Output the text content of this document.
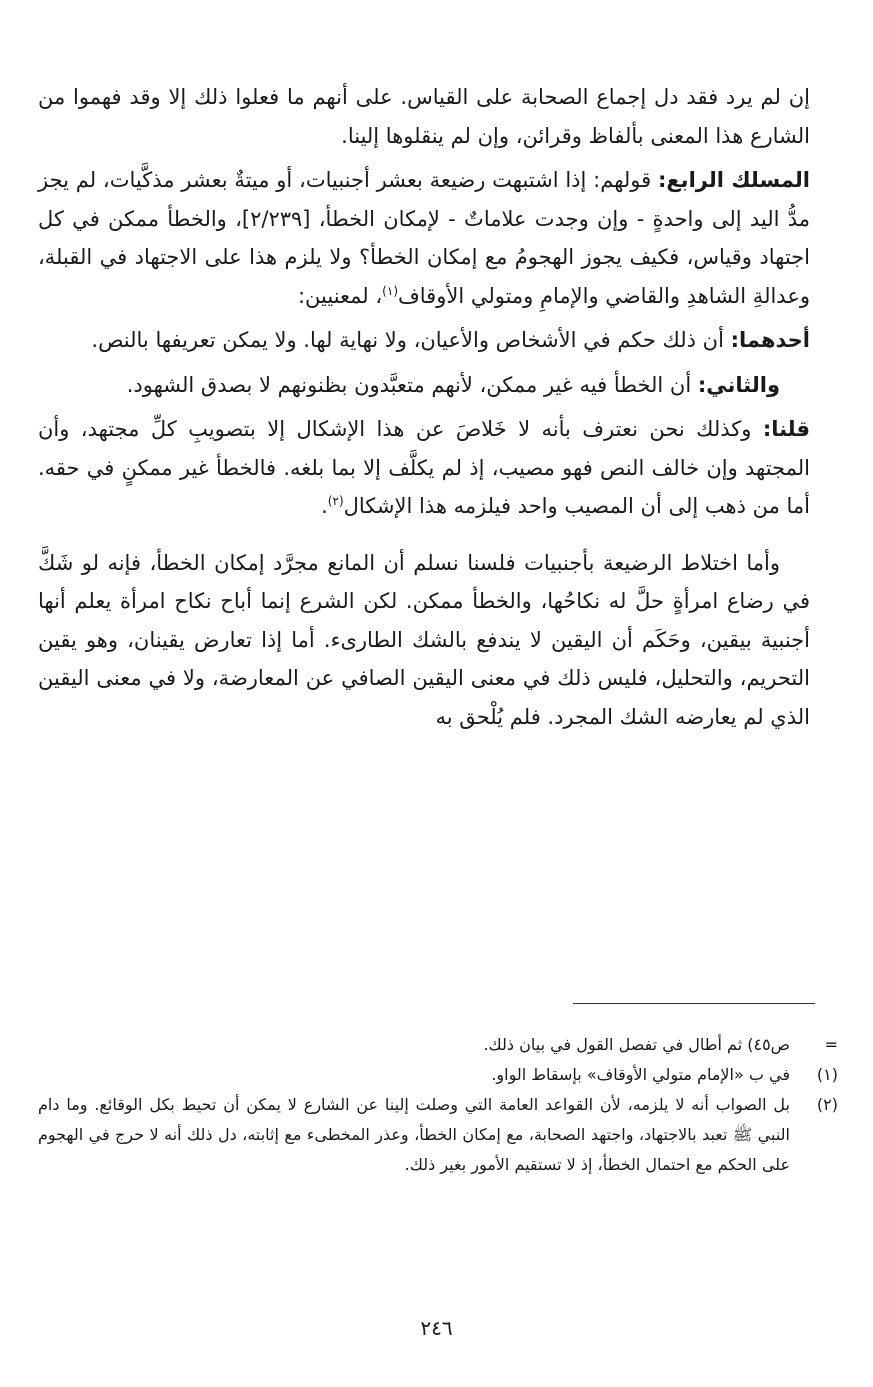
إن لم يرد فقد دل إجماع الصحابة على القياس. على أنهم ما فعلوا ذلك إلا وقد فهموا من الشارع هذا المعنى بألفاظ وقرائن، وإن لم ينقلوها إلينا.

المسلك الرابع: قولهم: إذا اشتبهت رضيعة بعشر أجنبيات، أو ميتةٌ بعشر مذكَّيات، لم يجز مدُّ اليد إلى واحدةٍ - وإن وجدت علاماتٌ - لإمكان الخطأ، [٢/٢٣٩]، والخطأ ممكن في كل اجتهاد وقياس، فكيف يجوز الهجومُ مع إمكان الخطأ؟ ولا يلزم هذا على الاجتهاد في القبلة، وعدالةِ الشاهدِ والقاضي والإمامِ ومتولي الأوقاف$^{(١)}$، لمعنيين:

أحدهما: أن ذلك حكم في الأشخاص والأعيان، ولا نهاية لها. ولا يمكن تعريفها بالنص.

والثاني: أن الخطأ فيه غير ممكن، لأنهم متعبَّدون بظنونهم لا بصدق الشهود.

قلنا: وكذلك نحن نعترف بأنه لا خَلاصَ عن هذا الإشكال إلا بتصويبِ كلِّ مجتهد، وأن المجتهد وإن خالف النص فهو مصيب، إذ لم يكلَّف إلا بما بلغه. فالخطأ غير ممكنٍ في حقه. أما من ذهب إلى أن المصيب واحد فيلزمه هذا الإشكال$^{(٢)}$.

وأما اختلاط الرضيعة بأجنبيات فلسنا نسلم أن المانع مجرَّد إمكان الخطأ، فإنه لو شَكَّ في رضاع امرأةٍ حلَّ له نكاحُها، والخطأ ممكن. لكن الشرع إنما أباح نكاح امرأة يعلم أنها أجنبية بيقين، وحَكَم أن اليقين لا يندفع بالشك الطارىء. أما إذا تعارض يقينان، وهو يقين التحريم، والتحليل، فليس ذلك في معنى اليقين الصافي عن المعارضة، ولا في معنى اليقين الذي لم يعارضه الشك المجرد. فلم يُلْحق به

=
ص٤٥) ثم أطال في تفصل القول في بيان ذلك.
(١)
في ب «الإمام متولي الأوقاف» بإسقاط الواو.
(٢)
بل الصواب أنه لا يلزمه، لأن القواعد العامة التي وصلت إلينا عن الشارع لا يمكن أن تحيط بكل الوقائع. وما دام النبي ﷺ تعبد بالاجتهاد، واجتهد الصحابة، مع إمكان الخطأ، وعذر المخطىء مع إثابته، دل ذلك أنه لا حرج في الهجوم على الحكم مع احتمال الخطأ، إذ لا تستقيم الأمور بغير ذلك.
٢٤٦
